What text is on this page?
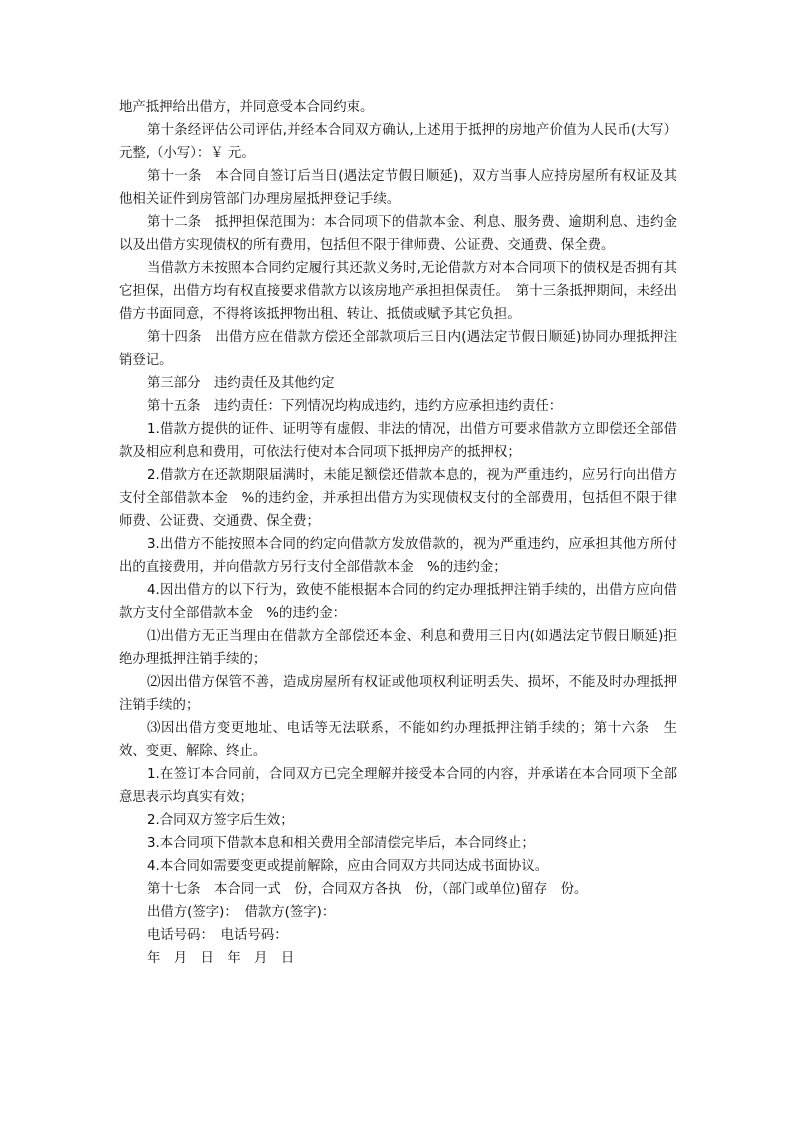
地产抵押给出借方，并同意受本合同约束。

第十条经评估公司评估,并经本合同双方确认,上述用于抵押的房地产价值为人民币(大写）元整,（小写）：￥ 元。

第十一条　本合同自签订后当日(遇法定节假日顺延)，双方当事人应持房屋所有权证及其他相关证件到房管部门办理房屋抵押登记手续。

第十二条　抵押担保范围为：本合同项下的借款本金、利息、服务费、逾期利息、违约金以及出借方实现债权的所有费用，包括但不限于律师费、公证费、交通费、保全费。

当借款方未按照本合同约定履行其还款义务时,无论借款方对本合同项下的债权是否拥有其它担保，出借方均有权直接要求借款方以该房地产承担担保责任。　第十三条抵押期间，未经出借方书面同意，不得将该抵押物出租、转让、抵债或赋予其它负担。

第十四条　出借方应在借款方偿还全部款项后三日内(遇法定节假日顺延)协同办理抵押注销登记。

第三部分　违约责任及其他约定

第十五条　违约责任：下列情况均构成违约，违约方应承担违约责任：

1.借款方提供的证件、证明等有虚假、非法的情况，出借方可要求借款方立即偿还全部借款及相应利息和费用，可依法行使对本合同项下抵押房产的抵押权；

2.借款方在还款期限届满时，未能足额偿还借款本息的，视为严重违约，应另行向出借方支付全部借款本金　%的违约金，并承担出借方为实现债权支付的全部费用，包括但不限于律师费、公证费、交通费、保全费；

3.出借方不能按照本合同的约定向借款方发放借款的，视为严重违约，应承担其他方所付出的直接费用，并向借款方另行支付全部借款本金　%的违约金；

4.因出借方的以下行为，致使不能根据本合同的约定办理抵押注销手续的，出借方应向借款方支付全部借款本金　%的违约金：

⑴出借方无正当理由在借款方全部偿还本金、利息和费用三日内(如遇法定节假日顺延)拒绝办理抵押注销手续的；

⑵因出借方保管不善，造成房屋所有权证或他项权利证明丢失、损坏，不能及时办理抵押注销手续的；

⑶因出借方变更地址、电话等无法联系，不能如约办理抵押注销手续的；第十六条　生效、变更、解除、终止。

1.在签订本合同前，合同双方已完全理解并接受本合同的内容，并承诺在本合同项下全部意思表示均真实有效；

2.合同双方签字后生效；

3.本合同项下借款本息和相关费用全部清偿完毕后，本合同终止；

4.本合同如需要变更或提前解除，应由合同双方共同达成书面协议。

第十七条　本合同一式　份，合同双方各执　份，（部门或单位)留存　份。

出借方(签字)：　借款方(签字)：

电话号码：　电话号码：

年　月　日　年　月　日
